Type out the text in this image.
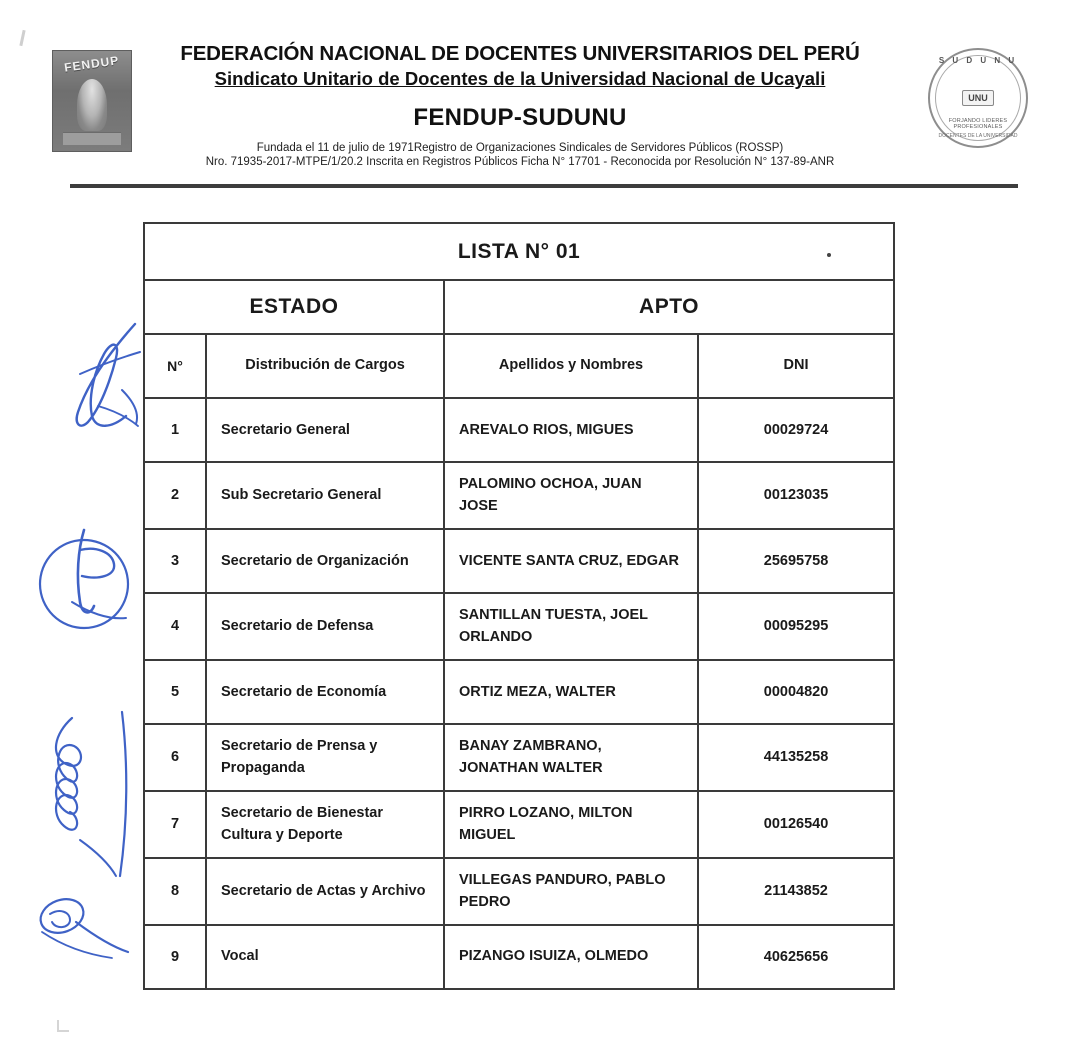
FENDUP	FEDERACIÓN NACIONAL DE DOCENTES UNIVERSITARIOS DEL PERÚ
Sindicato Unitario de Docentes de la Universidad Nacional de Ucayali
FENDUP-SUDUNU
Fundada el 11 de julio de 1971Registro de Organizaciones Sindicales de Servidores Públicos (ROSSP)
Nro. 71935-2017-MTPE/1/20.2 Inscrita en Registros Públicos Ficha N° 17701 - Reconocida por Resolución N° 137-89-ANR
S U D U N U
UNU
FORJANDO LIDERES PROFESIONALES
DOCENTES DE LA UNIVERSIDAD
LISTA N° 01			
ESTADO		APTO	
N°	Distribución de Cargos	Apellidos y Nombres	DNI
1	Secretario General	AREVALO RIOS, MIGUES	00029724
2	Sub Secretario General	PALOMINO OCHOA, JUAN JOSE	00123035
3	Secretario de Organización	VICENTE SANTA CRUZ, EDGAR	25695758
4	Secretario de Defensa	SANTILLAN TUESTA, JOEL ORLANDO	00095295
5	Secretario de Economía	ORTIZ MEZA, WALTER	00004820
6	Secretario de Prensa y Propaganda	BANAY ZAMBRANO, JONATHAN WALTER	44135258
7	Secretario de Bienestar Cultura y Deporte	PIRRO LOZANO, MILTON MIGUEL	00126540
8	Secretario de Actas y Archivo	VILLEGAS PANDURO, PABLO PEDRO	21143852
9	Vocal	PIZANGO ISUIZA, OLMEDO	40625656
